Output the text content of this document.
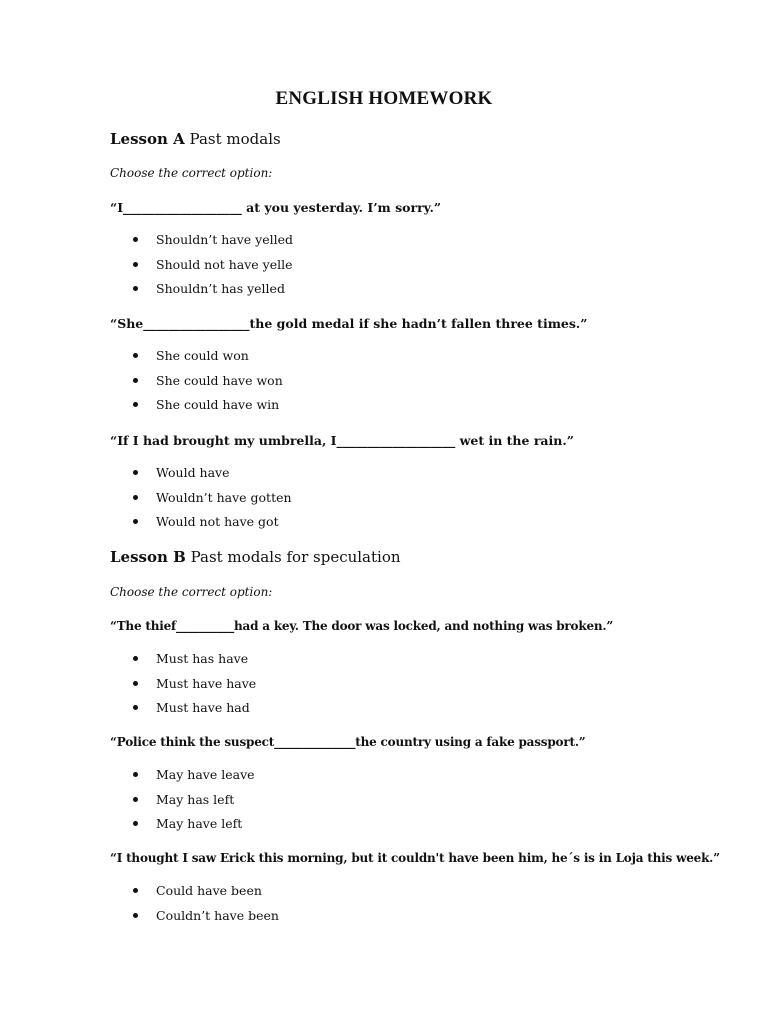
ENGLISH HOMEWORK
Lesson A Past modals
Choose the correct option:
“I___________________ at you yesterday. I’m sorry.”
Shouldn’t have yelled
Should not have yelle
Shouldn’t has yelled
“She_________________the gold medal if she hadn’t fallen three times.”
She could won
She could have won
She could have win
“If I had brought my umbrella, I___________________ wet in the rain.”
Would have
Wouldn’t have gotten
Would not have got
Lesson B Past modals for speculation
Choose the correct option:
“The thief__________had a key. The door was locked, and nothing was broken.”
Must has have
Must have have
Must have had
“Police think the suspect______________the country using a fake passport.”
May have leave
May has left
May have left
“I thought I saw Erick this morning, but it couldn't have been him, he´s is in Loja this week.”
Could have been
Couldn’t have been
